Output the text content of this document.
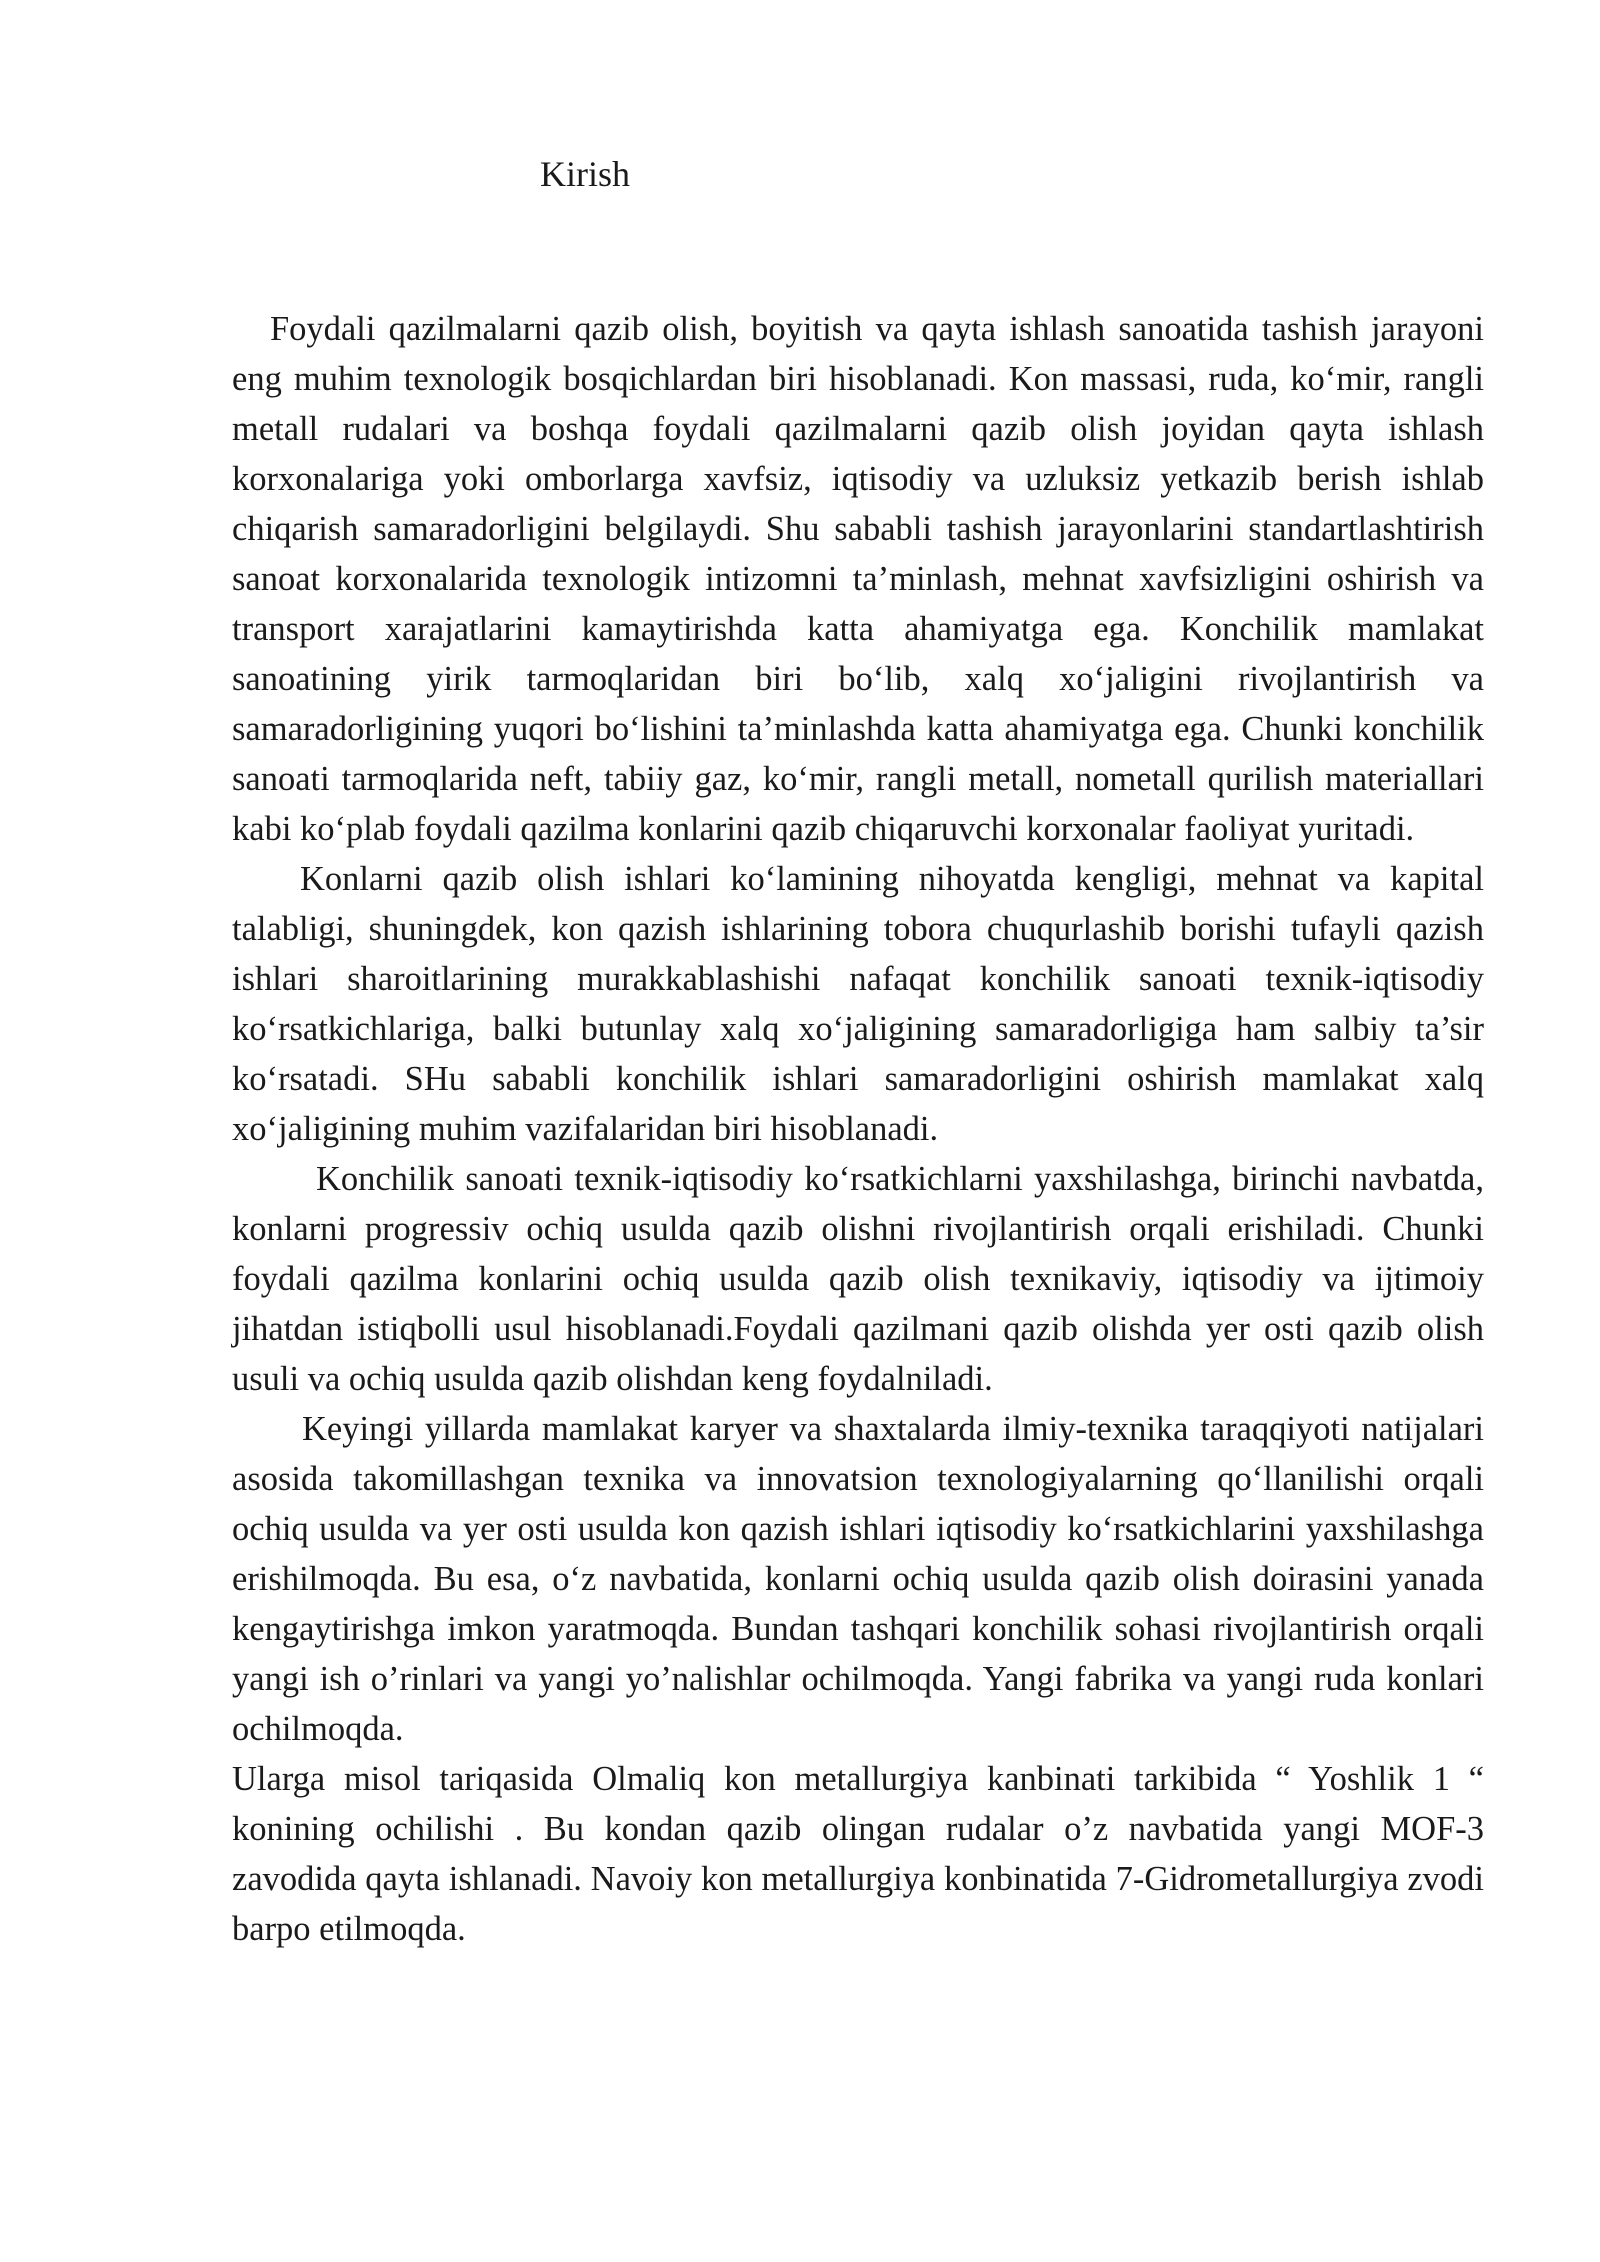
Kirish

Foydali qazilmalarni qazib olish, boyitish va qayta ishlash sanoatida tashish jarayoni eng muhim texnologik bosqichlardan biri hisoblanadi. Kon massasi, ruda, ko‘mir, rangli metall rudalari va boshqa foydali qazilmalarni qazib olish joyidan qayta ishlash korxonalariga yoki omborlarga xavfsiz, iqtisodiy va uzluksiz yetkazib berish ishlab chiqarish samaradorligini belgilaydi. Shu sababli tashish jarayonlarini standartlashtirish sanoat korxonalarida texnologik intizomni ta’minlash, mehnat xavfsizligini oshirish va transport xarajatlarini kamaytirishda katta ahamiyatga ega. Konchilik mamlakat sanoatining yirik tarmoqlaridan biri bo‘lib, xalq xo‘jaligini rivojlantirish va samaradorligining yuqori bo‘lishini ta’minlashda katta ahamiyatga ega. Chunki konchilik sanoati tarmoqlarida neft, tabiiy gaz, ko‘mir, rangli metall, nometall qurilish materiallari kabi ko‘plab foydali qazilma konlarini qazib chiqaruvchi korxonalar faoliyat yuritadi.

Konlarni qazib olish ishlari ko‘lamining nihoyatda kengligi, mehnat va kapital talabligi, shuningdek, kon qazish ishlarining tobora chuqurlashib borishi tufayli qazish ishlari sharoitlarining murakkablashishi nafaqat konchilik sanoati texnik-iqtisodiy ko‘rsatkichlariga, balki butunlay xalq xo‘jaligining samaradorligiga ham salbiy ta’sir ko‘rsatadi. SHu sababli konchilik ishlari samaradorligini oshirish mamlakat xalq xo‘jaligining muhim vazifalaridan biri hisoblanadi.

Konchilik sanoati texnik-iqtisodiy ko‘rsatkichlarni yaxshilashga, birinchi navbatda, konlarni progressiv ochiq usulda qazib olishni rivojlantirish orqali erishiladi. Chunki foydali qazilma konlarini ochiq usulda qazib olish texnikaviy, iqtisodiy va ijtimoiy jihatdan istiqbolli usul hisoblanadi.Foydali qazilmani qazib olishda yer osti qazib olish usuli va ochiq usulda qazib olishdan keng foydalniladi.

Keyingi yillarda mamlakat karyer va shaxtalarda ilmiy-texnika taraqqiyoti natijalari asosida takomillashgan texnika va innovatsion texnologiyalarning qo‘llanilishi orqali ochiq usulda va yer osti usulda kon qazish ishlari iqtisodiy ko‘rsatkichlarini yaxshilashga erishilmoqda. Bu esa, o‘z navbatida, konlarni ochiq usulda qazib olish doirasini yanada kengaytirishga imkon yaratmoqda. Bundan tashqari konchilik sohasi rivojlantirish orqali yangi ish o’rinlari va yangi yo’nalishlar ochilmoqda. Yangi fabrika va yangi ruda konlari ochilmoqda.

Ularga misol tariqasida Olmaliq kon metallurgiya kanbinati tarkibida “ Yoshlik 1 “ konining ochilishi . Bu kondan qazib olingan rudalar o’z navbatida yangi MOF-3 zavodida qayta ishlanadi. Navoiy kon metallurgiya konbinatida 7-Gidrometallurgiya zvodi barpo etilmoqda.
